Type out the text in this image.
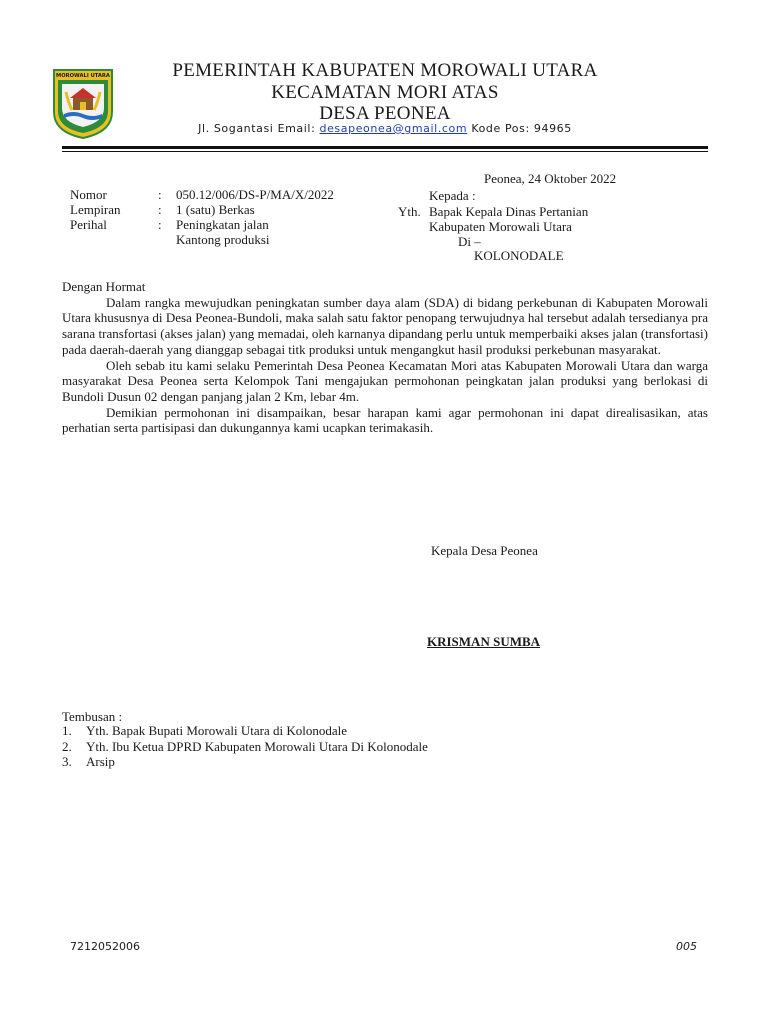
MOROWALI UTARA	PEMERINTAH KABUPATEN MOROWALI UTARA
KECAMATAN MORI ATAS
DESA PEONEA
Jl. Sogantasi Email: desapeonea@gmail.com Kode Pos: 94965
Peonea, 24 Oktober 2022
Nomor	: 050.12/006/DS-P/MA/X/2022
Lempiran	: 1 (satu) Berkas
Perihal	: Peningkatan jalan
Kantong produksi
Kepada :
Yth. Bapak Kepala Dinas Pertanian
Kabupaten Morowali Utara
Di –
KOLONODALE

Dengan Hormat

Dalam rangka mewujudkan peningkatan sumber daya alam (SDA) di bidang perkebunan di Kabupaten Morowali Utara khususnya di Desa Peonea-Bundoli, maka salah satu faktor penopang terwujudnya hal tersebut adalah tersedianya pra sarana transfortasi (akses jalan) yang memadai, oleh karnanya dipandang perlu untuk memperbaiki akses jalan (transfortasi) pada daerah-daerah yang dianggap sebagai titk produksi untuk mengangkut hasil produksi perkebunan masyarakat.

Oleh sebab itu kami selaku Pemerintah Desa Peonea Kecamatan Mori atas Kabupaten Morowali Utara dan warga masyarakat Desa Peonea serta Kelompok Tani mengajukan permohonan peingkatan jalan produksi yang berlokasi di Bundoli Dusun 02 dengan panjang jalan 2 Km, lebar 4m.

Demikian permohonan ini disampaikan, besar harapan kami agar permohonan ini dapat direalisasikan, atas perhatian serta partisipasi dan dukungannya kami ucapkan terimakasih.

Kepala Desa Peonea
KRISMAN SUMBA
Tembusan :
1. Yth. Bapak Bupati Morowali Utara di Kolonodale
2. Yth. Ibu Ketua DPRD Kabupaten Morowali Utara Di Kolonodale
3. Arsip
7212052006	005
